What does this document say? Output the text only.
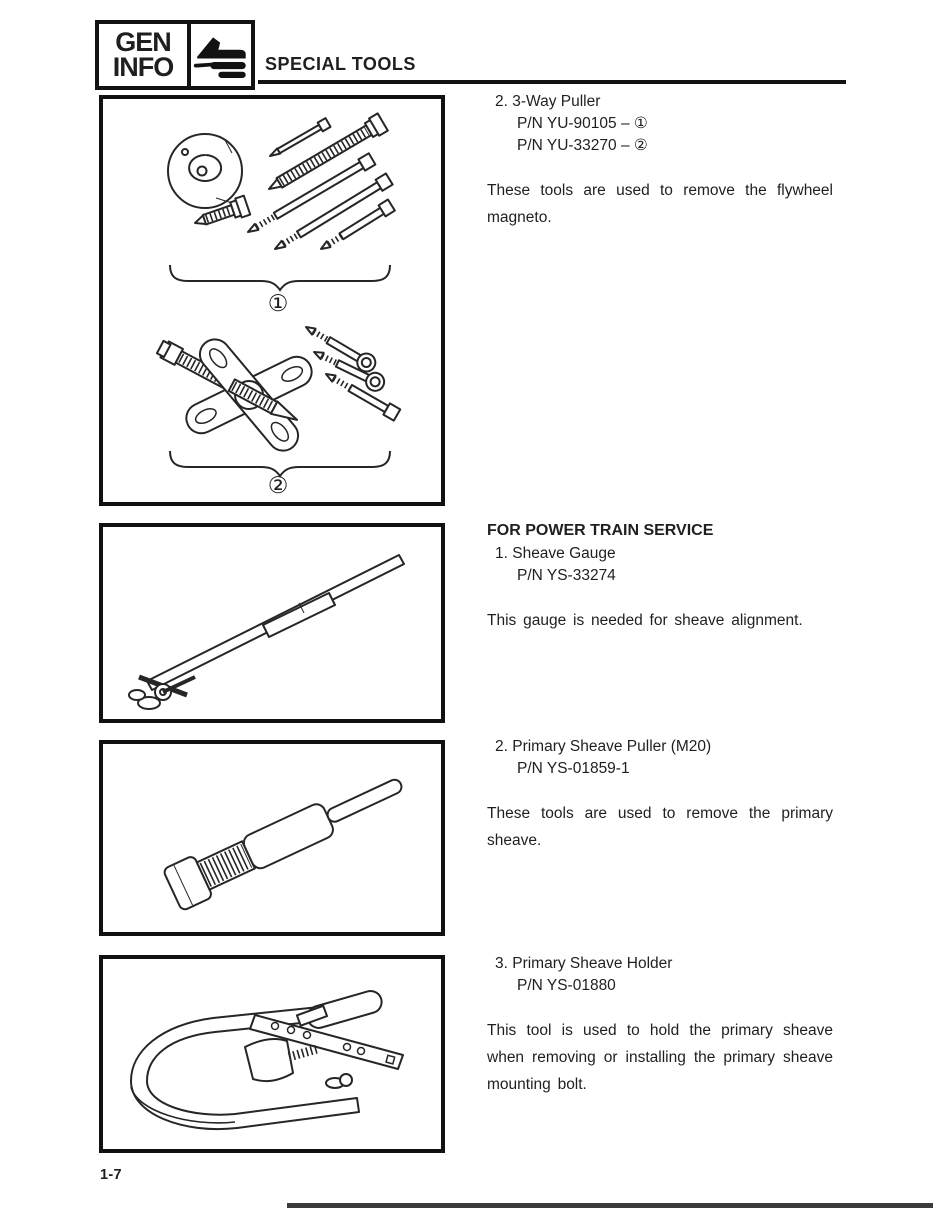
GEN
INFO	SPECIAL TOOLS
①
②
2. 3-Way Puller
P/N YU-90105 – ①
P/N YU-33270 – ②
These tools are used to remove the flywheel magneto.
FOR POWER TRAIN SERVICE
1. Sheave Gauge
P/N YS-33274
This gauge is needed for sheave alignment.
2. Primary Sheave Puller (M20)
P/N YS-01859-1
These tools are used to remove the primary sheave.
3. Primary Sheave Holder
P/N YS-01880
This tool is used to hold the primary sheave when removing or installing the primary sheave mounting bolt.
1-7
